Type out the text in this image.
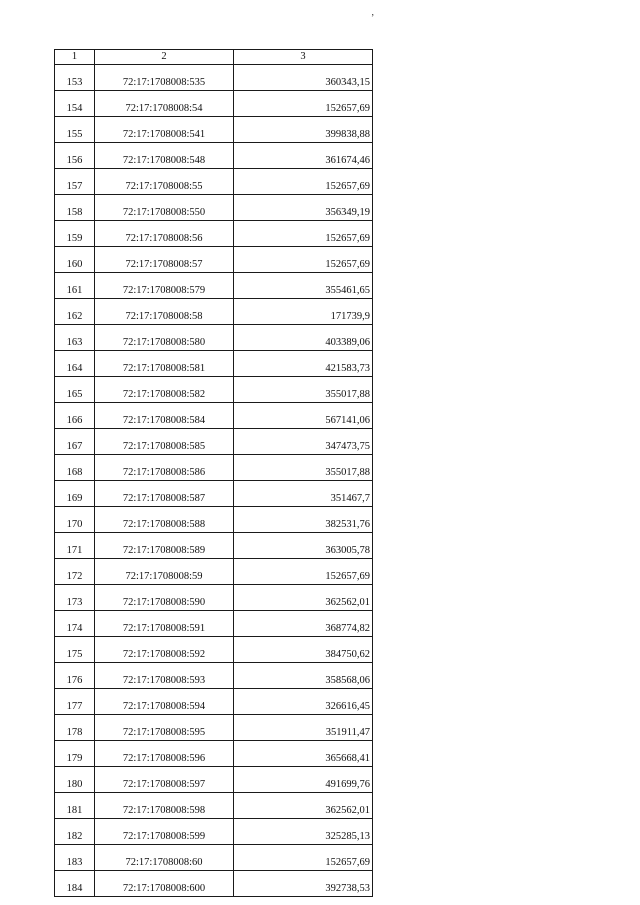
’
1	2	3
153	72:17:1708008:535	360343,15
154	72:17:1708008:54	152657,69
155	72:17:1708008:541	399838,88
156	72:17:1708008:548	361674,46
157	72:17:1708008:55	152657,69
158	72:17:1708008:550	356349,19
159	72:17:1708008:56	152657,69
160	72:17:1708008:57	152657,69
161	72:17:1708008:579	355461,65
162	72:17:1708008:58	171739,9
163	72:17:1708008:580	403389,06
164	72:17:1708008:581	421583,73
165	72:17:1708008:582	355017,88
166	72:17:1708008:584	567141,06
167	72:17:1708008:585	347473,75
168	72:17:1708008:586	355017,88
169	72:17:1708008:587	351467,7
170	72:17:1708008:588	382531,76
171	72:17:1708008:589	363005,78
172	72:17:1708008:59	152657,69
173	72:17:1708008:590	362562,01
174	72:17:1708008:591	368774,82
175	72:17:1708008:592	384750,62
176	72:17:1708008:593	358568,06
177	72:17:1708008:594	326616,45
178	72:17:1708008:595	351911,47
179	72:17:1708008:596	365668,41
180	72:17:1708008:597	491699,76
181	72:17:1708008:598	362562,01
182	72:17:1708008:599	325285,13
183	72:17:1708008:60	152657,69
184	72:17:1708008:600	392738,53
